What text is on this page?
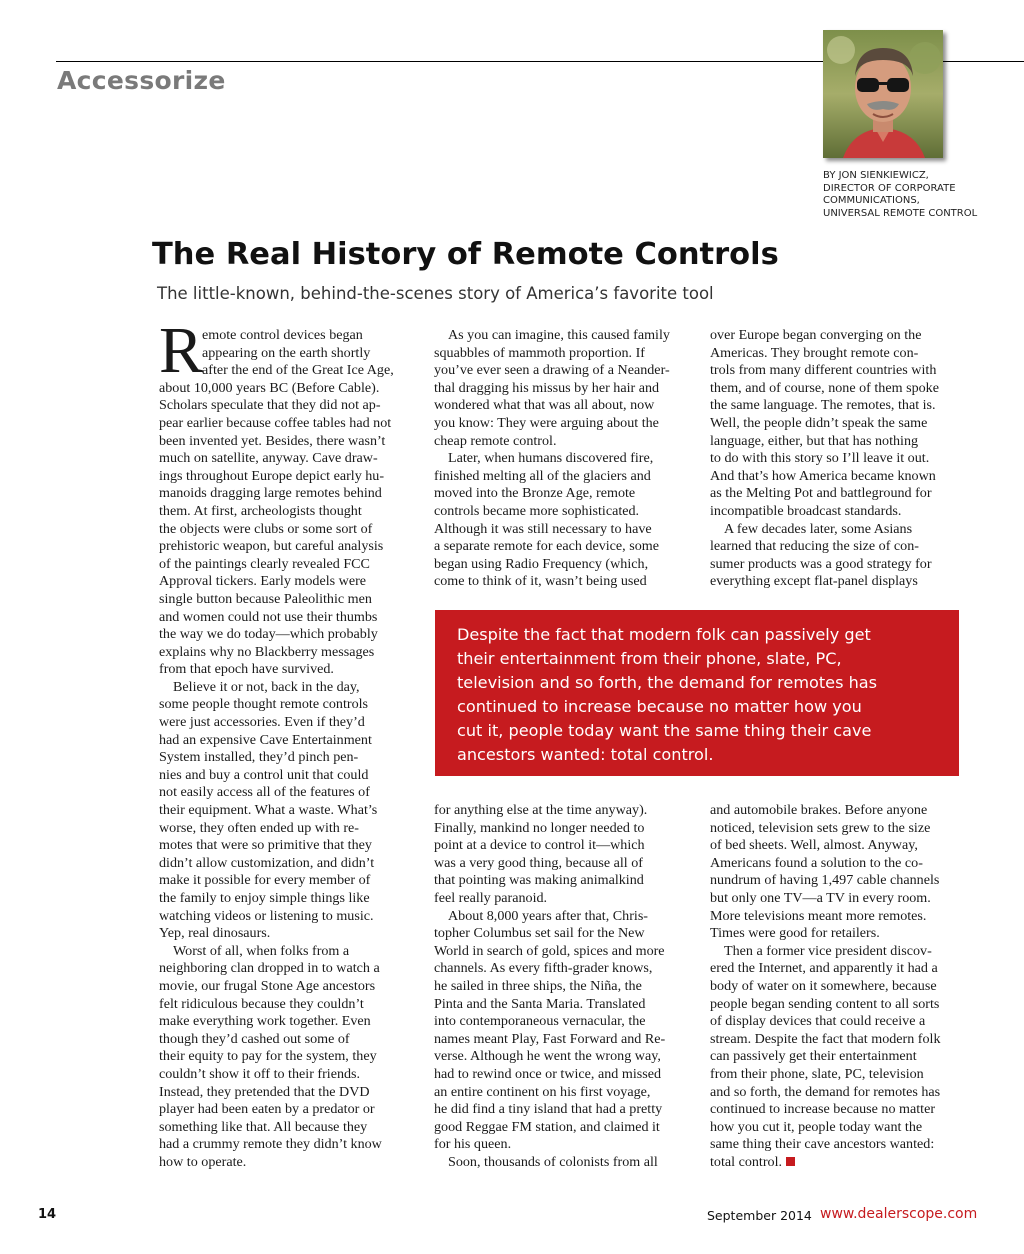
Accessorize
BY JON SIENKIEWICZ,
DIRECTOR OF CORPORATE
COMMUNICATIONS,
UNIVERSAL REMOTE CONTROL
The Real History of Remote Controls
The little-known, behind-the-scenes story of America’s favorite tool
R
emote control devices began
appearing on the earth shortly
after the end of the Great Ice Age,
about 10,000 years BC (Before Cable).
Scholars speculate that they did not ap-
pear earlier because coffee tables had not
been invented yet. Besides, there wasn’t
much on satellite, anyway. Cave draw-
ings throughout Europe depict early hu-
manoids dragging large remotes behind
them. At first, archeologists thought
the objects were clubs or some sort of
prehistoric weapon, but careful analysis
of the paintings clearly revealed FCC
Approval tickers. Early models were
single button because Paleolithic men
and women could not use their thumbs
the way we do today—which probably
explains why no Blackberry messages
from that epoch have survived.
Believe it or not, back in the day,
some people thought remote controls
were just accessories. Even if they’d
had an expensive Cave Entertainment
System installed, they’d pinch pen-
nies and buy a control unit that could
not easily access all of the features of
their equipment. What a waste. What’s
worse, they often ended up with re-
motes that were so primitive that they
didn’t allow customization, and didn’t
make it possible for every member of
the family to enjoy simple things like
watching videos or listening to music.
Yep, real dinosaurs.
Worst of all, when folks from a
neighboring clan dropped in to watch a
movie, our frugal Stone Age ancestors
felt ridiculous because they couldn’t
make everything work together. Even
though they’d cashed out some of
their equity to pay for the system, they
couldn’t show it off to their friends.
Instead, they pretended that the DVD
player had been eaten by a predator or
something like that. All because they
had a crummy remote they didn’t know
how to operate.
As you can imagine, this caused family
squabbles of mammoth proportion. If
you’ve ever seen a drawing of a Neander-
thal dragging his missus by her hair and
wondered what that was all about, now
you know: They were arguing about the
cheap remote control.
Later, when humans discovered fire,
finished melting all of the glaciers and
moved into the Bronze Age, remote
controls became more sophisticated.
Although it was still necessary to have
a separate remote for each device, some
began using Radio Frequency (which,
come to think of it, wasn’t being used
over Europe began converging on the
Americas. They brought remote con-
trols from many different countries with
them, and of course, none of them spoke
the same language. The remotes, that is.
Well, the people didn’t speak the same
language, either, but that has nothing
to do with this story so I’ll leave it out.
And that’s how America became known
as the Melting Pot and battleground for
incompatible broadcast standards.
A few decades later, some Asians
learned that reducing the size of con-
sumer products was a good strategy for
everything except flat-panel displays
Despite the fact that modern folk can passively get
their entertainment from their phone, slate, PC,
television and so forth, the demand for remotes has
continued to increase because no matter how you
cut it, people today want the same thing their cave
ancestors wanted: total control.
for anything else at the time anyway).
Finally, mankind no longer needed to
point at a device to control it—which
was a very good thing, because all of
that pointing was making animalkind
feel really paranoid.
About 8,000 years after that, Chris-
topher Columbus set sail for the New
World in search of gold, spices and more
channels. As every fifth-grader knows,
he sailed in three ships, the Niña, the
Pinta and the Santa Maria. Translated
into contemporaneous vernacular, the
names meant Play, Fast Forward and Re-
verse. Although he went the wrong way,
had to rewind once or twice, and missed
an entire continent on his first voyage,
he did find a tiny island that had a pretty
good Reggae FM station, and claimed it
for his queen.
Soon, thousands of colonists from all
and automobile brakes. Before anyone
noticed, television sets grew to the size
of bed sheets. Well, almost. Anyway,
Americans found a solution to the co-
nundrum of having 1,497 cable channels
but only one TV—a TV in every room.
More televisions meant more remotes.
Times were good for retailers.
Then a former vice president discov-
ered the Internet, and apparently it had a
body of water on it somewhere, because
people began sending content to all sorts
of display devices that could receive a
stream. Despite the fact that modern folk
can passively get their entertainment
from their phone, slate, PC, television
and so forth, the demand for remotes has
continued to increase because no matter
how you cut it, people today want the
same thing their cave ancestors wanted:
total control.
14	September 2014 www.dealerscope.com
